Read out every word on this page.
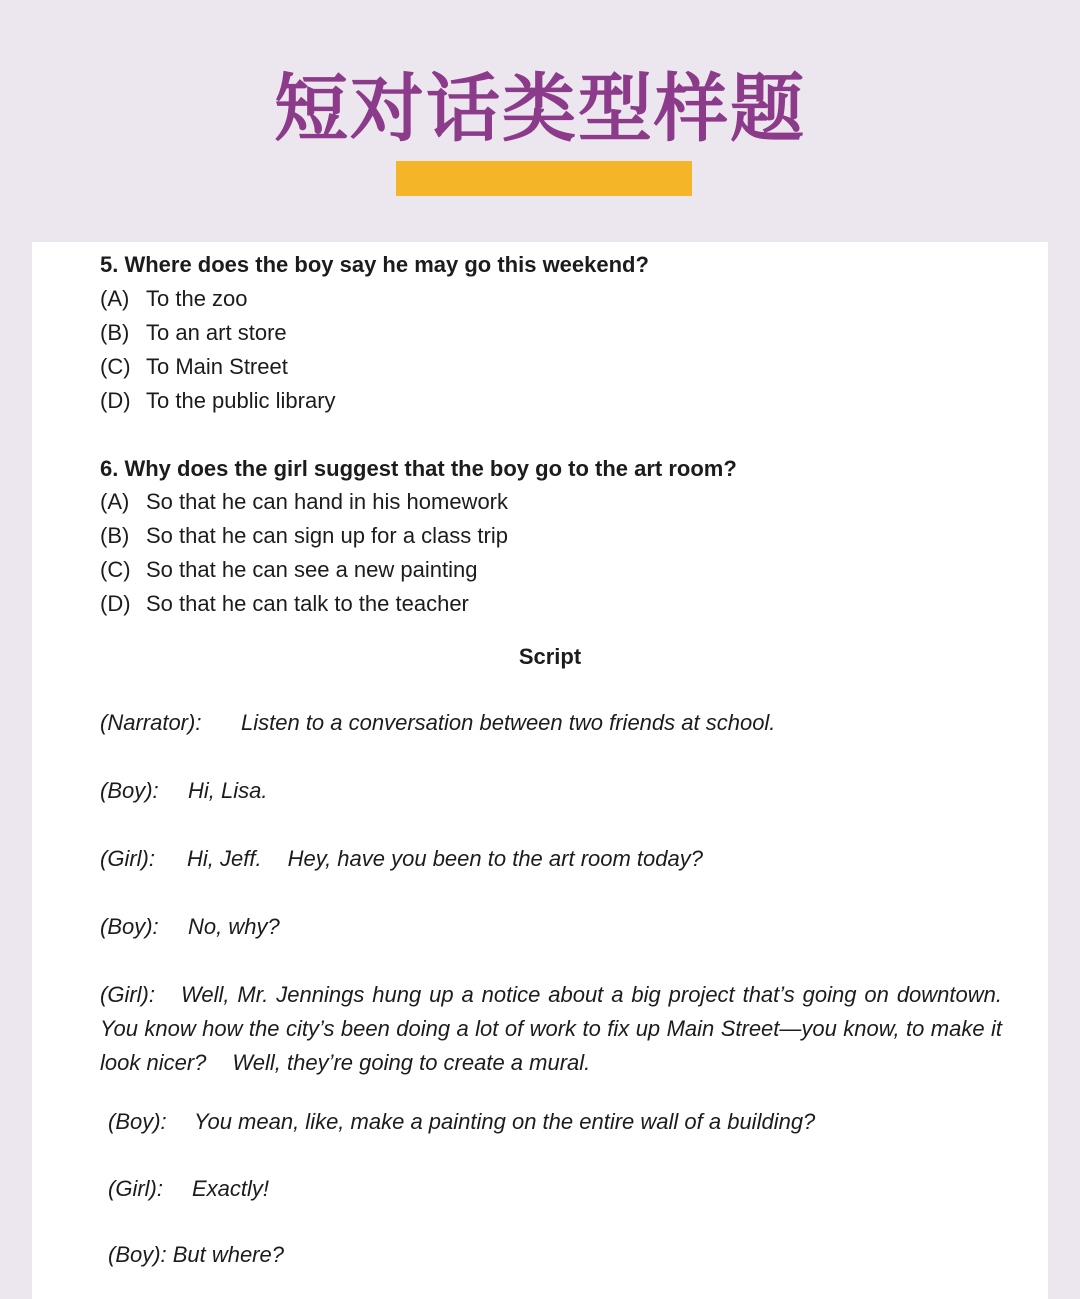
短对话类型样题
5. Where does the boy say he may go this weekend?
(A) To the zoo
(B) To an art store
(C) To Main Street
(D) To the public library
6. Why does the girl suggest that the boy go to the art room?
(A) So that he can hand in his homework
(B) So that he can sign up for a class trip
(C) So that he can see a new painting
(D) So that he can talk to the teacher
Script
(Narrator): Listen to a conversation between two friends at school.
(Boy): Hi, Lisa.
(Girl): Hi, Jeff. Hey, have you been to the art room today?
(Boy): No, why?
(Girl): Well, Mr. Jennings hung up a notice about a big project that’s going on downtown. You know how the city’s been doing a lot of work to fix up Main Street—you know, to make it look nicer? Well, they’re going to create a mural.
(Boy): You mean, like, make a painting on the entire wall of a building?
(Girl): Exactly!
(Boy): But where?
